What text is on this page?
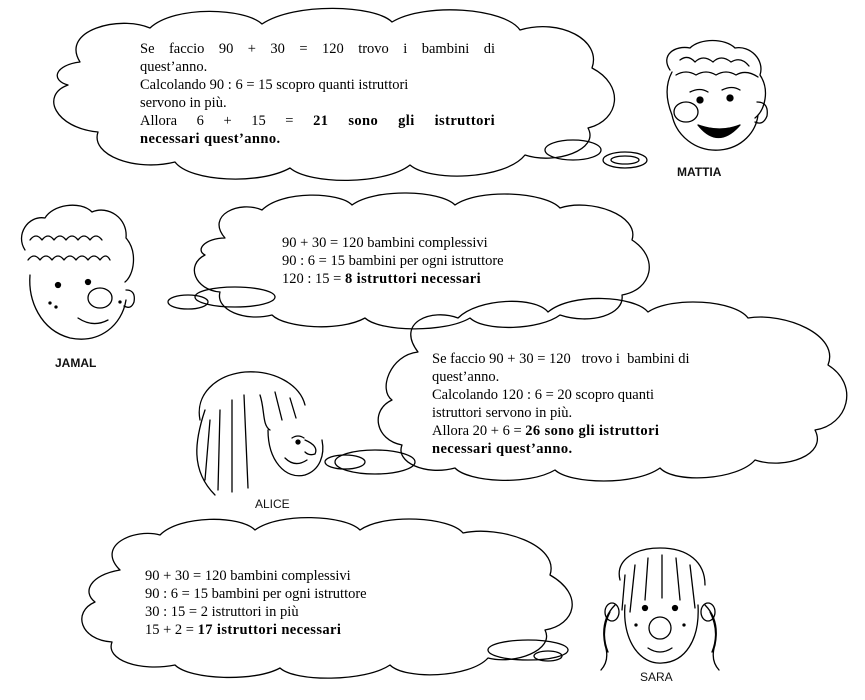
Se faccio 90 + 30 = 120 trovo i bambini di

quest’anno.

Calcolando 90 : 6 = 15 scopro quanti istruttori

servono in più.

Allora 6 + 15 = 21 sono gli istruttori

necessari quest’anno.

90 + 30 = 120 bambini complessivi

90 : 6 = 15 bambini per ogni istruttore

120 : 15 = 8 istruttori necessari

Se faccio 90 + 30 = 120   trovo i  bambini di

quest’anno.

Calcolando 120 : 6 = 20 scopro quanti

istruttori servono in più.

Allora 20 + 6 = 26 sono gli istruttori

necessari quest’anno.

90 + 30 = 120 bambini complessivi

90 : 6 = 15 bambini per ogni istruttore

30 : 15 = 2 istruttori in più

15 + 2 = 17 istruttori necessari

MATTIA
JAMAL
ALICE
SARA
